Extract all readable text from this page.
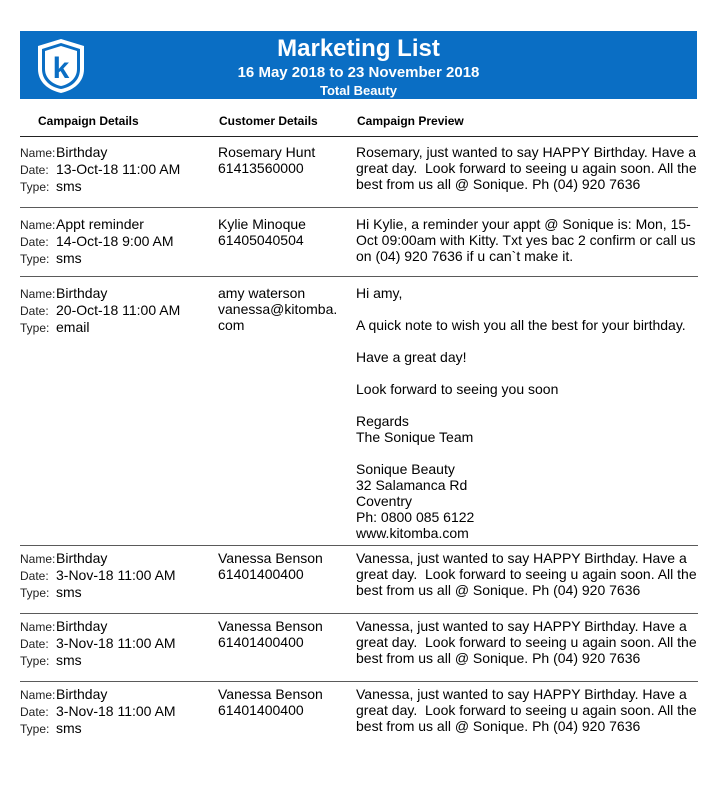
k
Marketing List
16 May 2018 to 23 November 2018
Total Beauty
Campaign Details	Customer Details	Campaign Preview
Name: Birthday
Date: 13-Oct-18 11:00 AM
Type: sms
Rosemary Hunt
61413560000
Rosemary, just wanted to say HAPPY Birthday. Have a great day.  Look forward to seeing u again soon. All the best from us all @ Sonique. Ph (04) 920 7636
Name: Appt reminder
Date: 14-Oct-18 9:00 AM
Type: sms
Kylie Minoque
61405040504
Hi Kylie, a reminder your appt @ Sonique is: Mon, 15-Oct 09:00am with Kitty. Txt yes bac 2 confirm or call us on (04) 920 7636 if u can`t make it.
Name: Birthday
Date: 20-Oct-18 11:00 AM
Type: email
amy waterson
vanessa@kitomba.
com
Hi amy,
A quick note to wish you all the best for your birthday.
Have a great day!
Look forward to seeing you soon
Regards
The Sonique Team
Sonique Beauty
32 Salamanca Rd
Coventry
Ph: 0800 085 6122
www.kitomba.com
Name: Birthday
Date: 3-Nov-18 11:00 AM
Type: sms
Vanessa Benson
61401400400
Vanessa, just wanted to say HAPPY Birthday. Have a great day.  Look forward to seeing u again soon. All the best from us all @ Sonique. Ph (04) 920 7636
Name: Birthday
Date: 3-Nov-18 11:00 AM
Type: sms
Vanessa Benson
61401400400
Vanessa, just wanted to say HAPPY Birthday. Have a great day.  Look forward to seeing u again soon. All the best from us all @ Sonique. Ph (04) 920 7636
Name: Birthday
Date: 3-Nov-18 11:00 AM
Type: sms
Vanessa Benson
61401400400
Vanessa, just wanted to say HAPPY Birthday. Have a great day.  Look forward to seeing u again soon. All the best from us all @ Sonique. Ph (04) 920 7636
